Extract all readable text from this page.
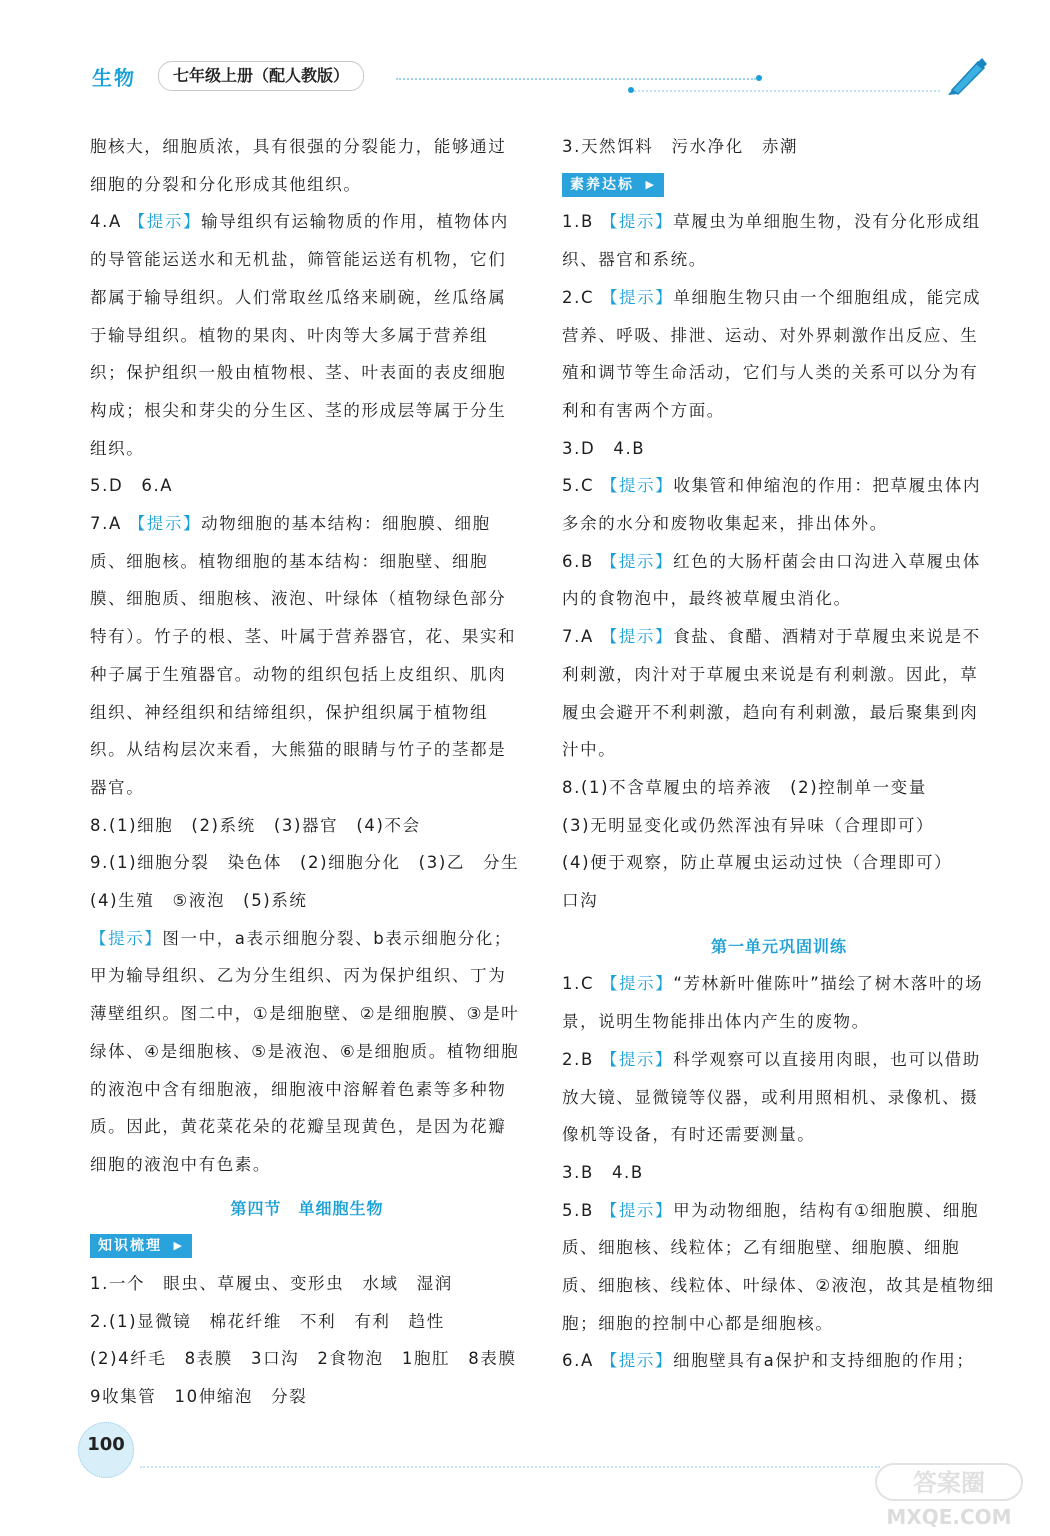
生物	七年级上册（配人教版）

胞核大，细胞质浓，具有很强的分裂能力，能够通过细胞的分裂和分化形成其他组织。

4.A 【提示】输导组织有运输物质的作用，植物体内的导管能运送水和无机盐，筛管能运送有机物，它们都属于输导组织。人们常取丝瓜络来刷碗，丝瓜络属于输导组织。植物的果肉、叶肉等大多属于营养组织；保护组织一般由植物根、茎、叶表面的表皮细胞构成；根尖和芽尖的分生区、茎的形成层等属于分生组织。

5.D　6.A

7.A 【提示】动物细胞的基本结构：细胞膜、细胞质、细胞核。植物细胞的基本结构：细胞壁、细胞膜、细胞质、细胞核、液泡、叶绿体（植物绿色部分特有）。竹子的根、茎、叶属于营养器官，花、果实和种子属于生殖器官。动物的组织包括上皮组织、肌肉组织、神经组织和结缔组织，保护组织属于植物组织。从结构层次来看，大熊猫的眼睛与竹子的茎都是器官。

8.(1)细胞　(2)系统　(3)器官　(4)不会

9.(1)细胞分裂　染色体　(2)细胞分化　(3)乙　分生　(4)生殖　⑤液泡　(5)系统

【提示】图一中，a表示细胞分裂、b表示细胞分化；甲为输导组织、乙为分生组织、丙为保护组织、丁为薄壁组织。图二中，①是细胞壁、②是细胞膜、③是叶绿体、④是细胞核、⑤是液泡、⑥是细胞质。植物细胞的液泡中含有细胞液，细胞液中溶解着色素等多种物质。因此，黄花菜花朵的花瓣呈现黄色，是因为花瓣细胞的液泡中有色素。

第四节　单细胞生物

知识梳理 ▶

1.一个　眼虫、草履虫、变形虫　水域　湿润

2.(1)显微镜　棉花纤维　不利　有利　趋性

(2)4纤毛　8表膜　3口沟　2食物泡　1胞肛　8表膜　9收集管　10伸缩泡　分裂

3.天然饵料　污水净化　赤潮

素养达标 ▶

1.B 【提示】草履虫为单细胞生物，没有分化形成组织、器官和系统。

2.C 【提示】单细胞生物只由一个细胞组成，能完成营养、呼吸、排泄、运动、对外界刺激作出反应、生殖和调节等生命活动，它们与人类的关系可以分为有利和有害两个方面。

3.D　4.B

5.C 【提示】收集管和伸缩泡的作用：把草履虫体内多余的水分和废物收集起来，排出体外。

6.B 【提示】红色的大肠杆菌会由口沟进入草履虫体内的食物泡中，最终被草履虫消化。

7.A 【提示】食盐、食醋、酒精对于草履虫来说是不利刺激，肉汁对于草履虫来说是有利刺激。因此，草履虫会避开不利刺激，趋向有利刺激，最后聚集到肉汁中。

8.(1)不含草履虫的培养液　(2)控制单一变量

(3)无明显变化或仍然浑浊有异味（合理即可）

(4)便于观察，防止草履虫运动过快（合理即可）

口沟

第一单元巩固训练

1.C 【提示】“芳林新叶催陈叶”描绘了树木落叶的场景，说明生物能排出体内产生的废物。

2.B 【提示】科学观察可以直接用肉眼，也可以借助放大镜、显微镜等仪器，或利用照相机、录像机、摄像机等设备，有时还需要测量。

3.B　4.B

5.B 【提示】甲为动物细胞，结构有①细胞膜、细胞质、细胞核、线粒体；乙有细胞壁、细胞膜、细胞质、细胞核、线粒体、叶绿体、②液泡，故其是植物细胞；细胞的控制中心都是细胞核。

6.A 【提示】细胞壁具有a保护和支持细胞的作用；

100
答案圈
MXQE.COM
